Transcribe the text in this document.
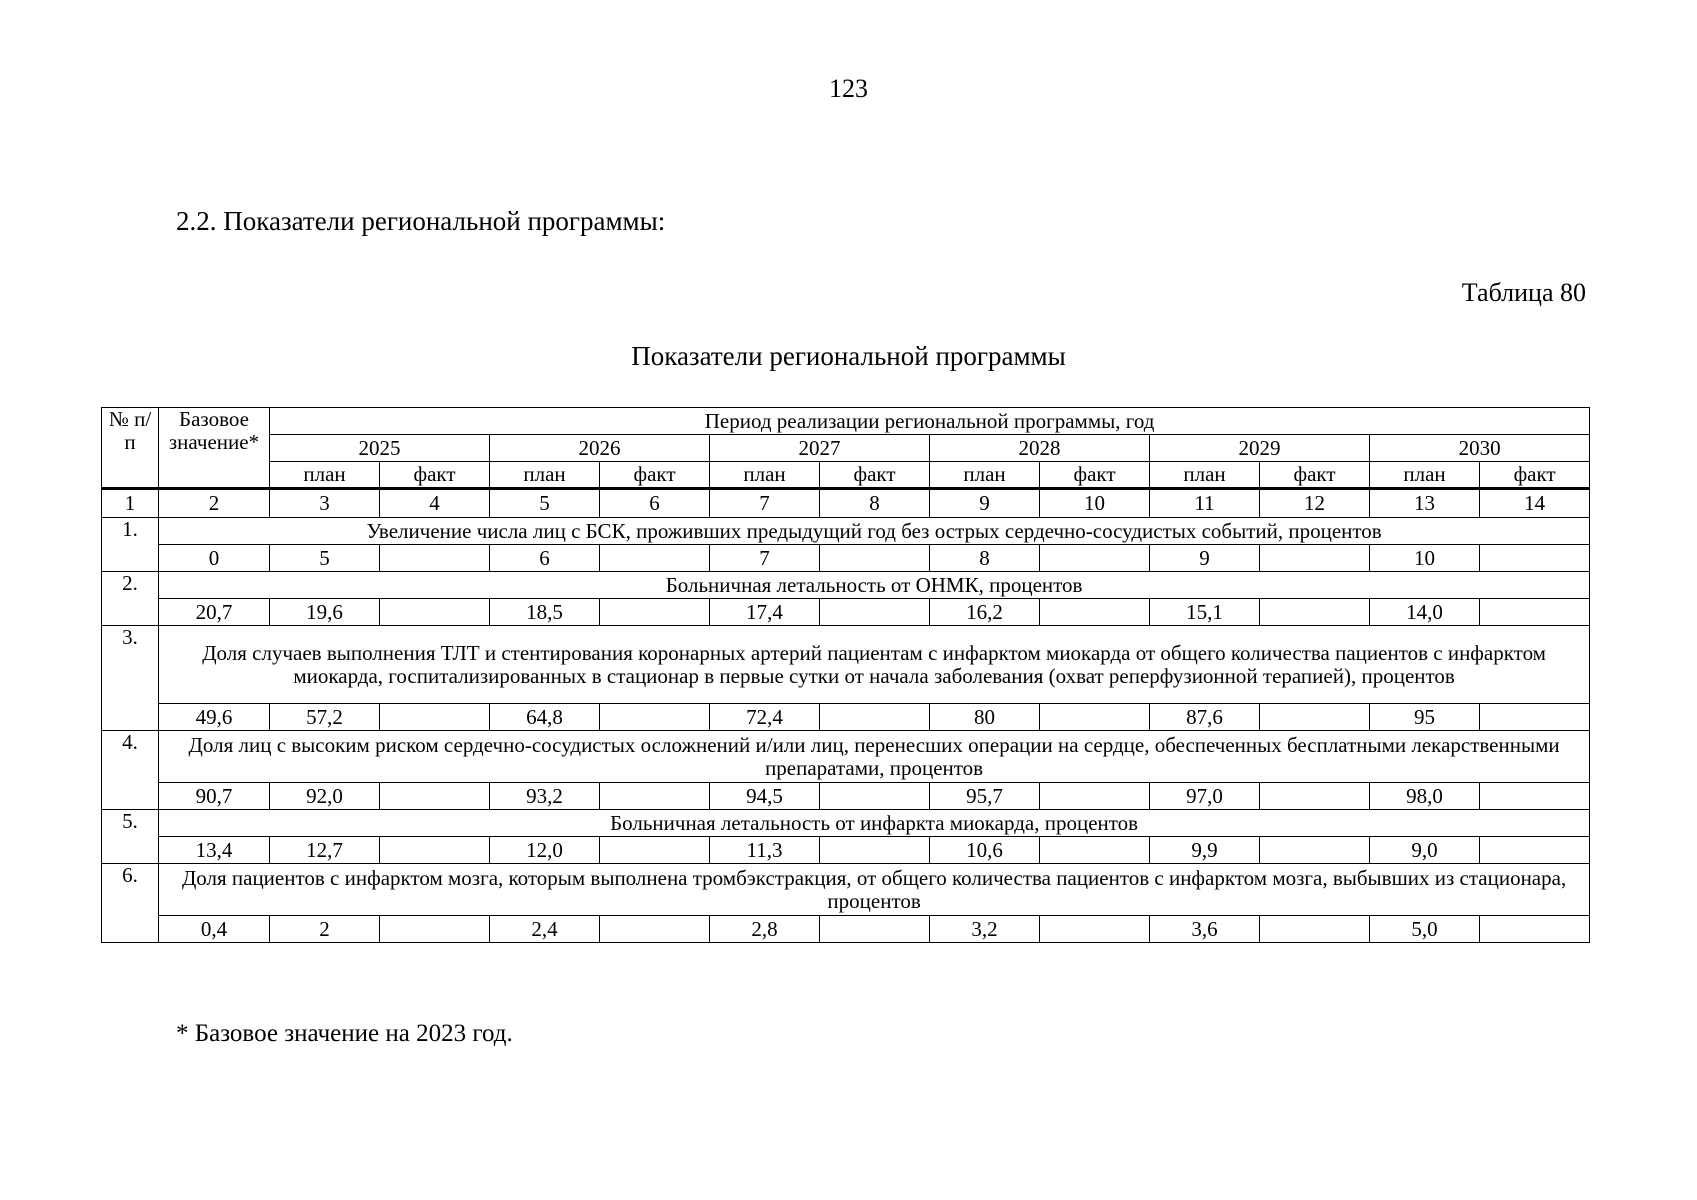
123
2.2. Показатели региональной программы:
Таблица 80
Показатели региональной программы
№ п/п	Базовое значение*	Период реализации региональной программы, год											
		2025		2026		2027		2028		2029		2030	
		план	факт	план	факт	план	факт	план	факт	план	факт	план	факт
1	2	3	4	5	6	7	8	9	10	11	12	13	14
1.	Увеличение числа лиц с БСК, проживших предыдущий год без острых сердечно-сосудистых событий, процентов												
	0	5		6		7		8		9		10	
2.	Больничная летальность от ОНМК, процентов												
	20,7	19,6		18,5		17,4		16,2		15,1		14,0	
3.	Доля случаев выполнения ТЛТ и стентирования коронарных артерий пациентам с инфарктом миокарда от общего количества пациентов с инфарктом миокарда, госпитализированных в стационар в первые сутки от начала заболевания (охват реперфузионной терапией), процентов												
	49,6	57,2		64,8		72,4		80		87,6		95	
4.	Доля лиц с высоким риском сердечно-сосудистых осложнений и/или лиц, перенесших операции на сердце, обеспеченных бесплатными лекарственными препаратами, процентов												
	90,7	92,0		93,2		94,5		95,7		97,0		98,0	
5.	Больничная летальность от инфаркта миокарда, процентов												
	13,4	12,7		12,0		11,3		10,6		9,9		9,0	
6.	Доля пациентов с инфарктом мозга, которым выполнена тромбэкстракция, от общего количества пациентов с инфарктом мозга, выбывших из стационара, процентов												
	0,4	2		2,4		2,8		3,2		3,6		5,0	
* Базовое значение на 2023 год.
